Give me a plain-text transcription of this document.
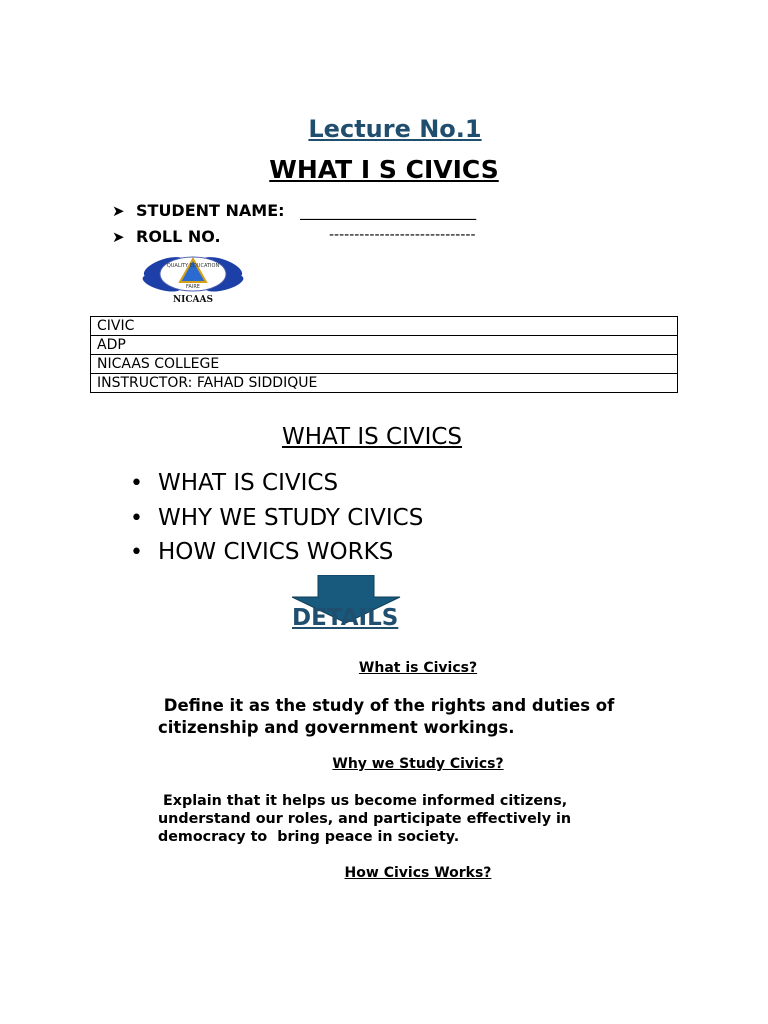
Lecture No.1
WHAT I S CIVICS
➤ STUDENT NAME: ______________________
➤ ROLL NO.	-----------------------------
QUALITY EDUCATION
FAIRE
NICAAS
CIVIC
ADP
NICAAS COLLEGE
INSTRUCTOR: FAHAD SIDDIQUE
WHAT IS CIVICS
• WHAT IS CIVICS
• WHY WE STUDY CIVICS
• HOW CIVICS WORKS
DETAILS
What is Civics?
Define it as the study of the rights and duties of
citizenship and government workings.
Why we Study Civics?
Explain that it helps us become informed citizens,
understand our roles, and participate effectively in
democracy to  bring peace in society.
How Civics Works?
